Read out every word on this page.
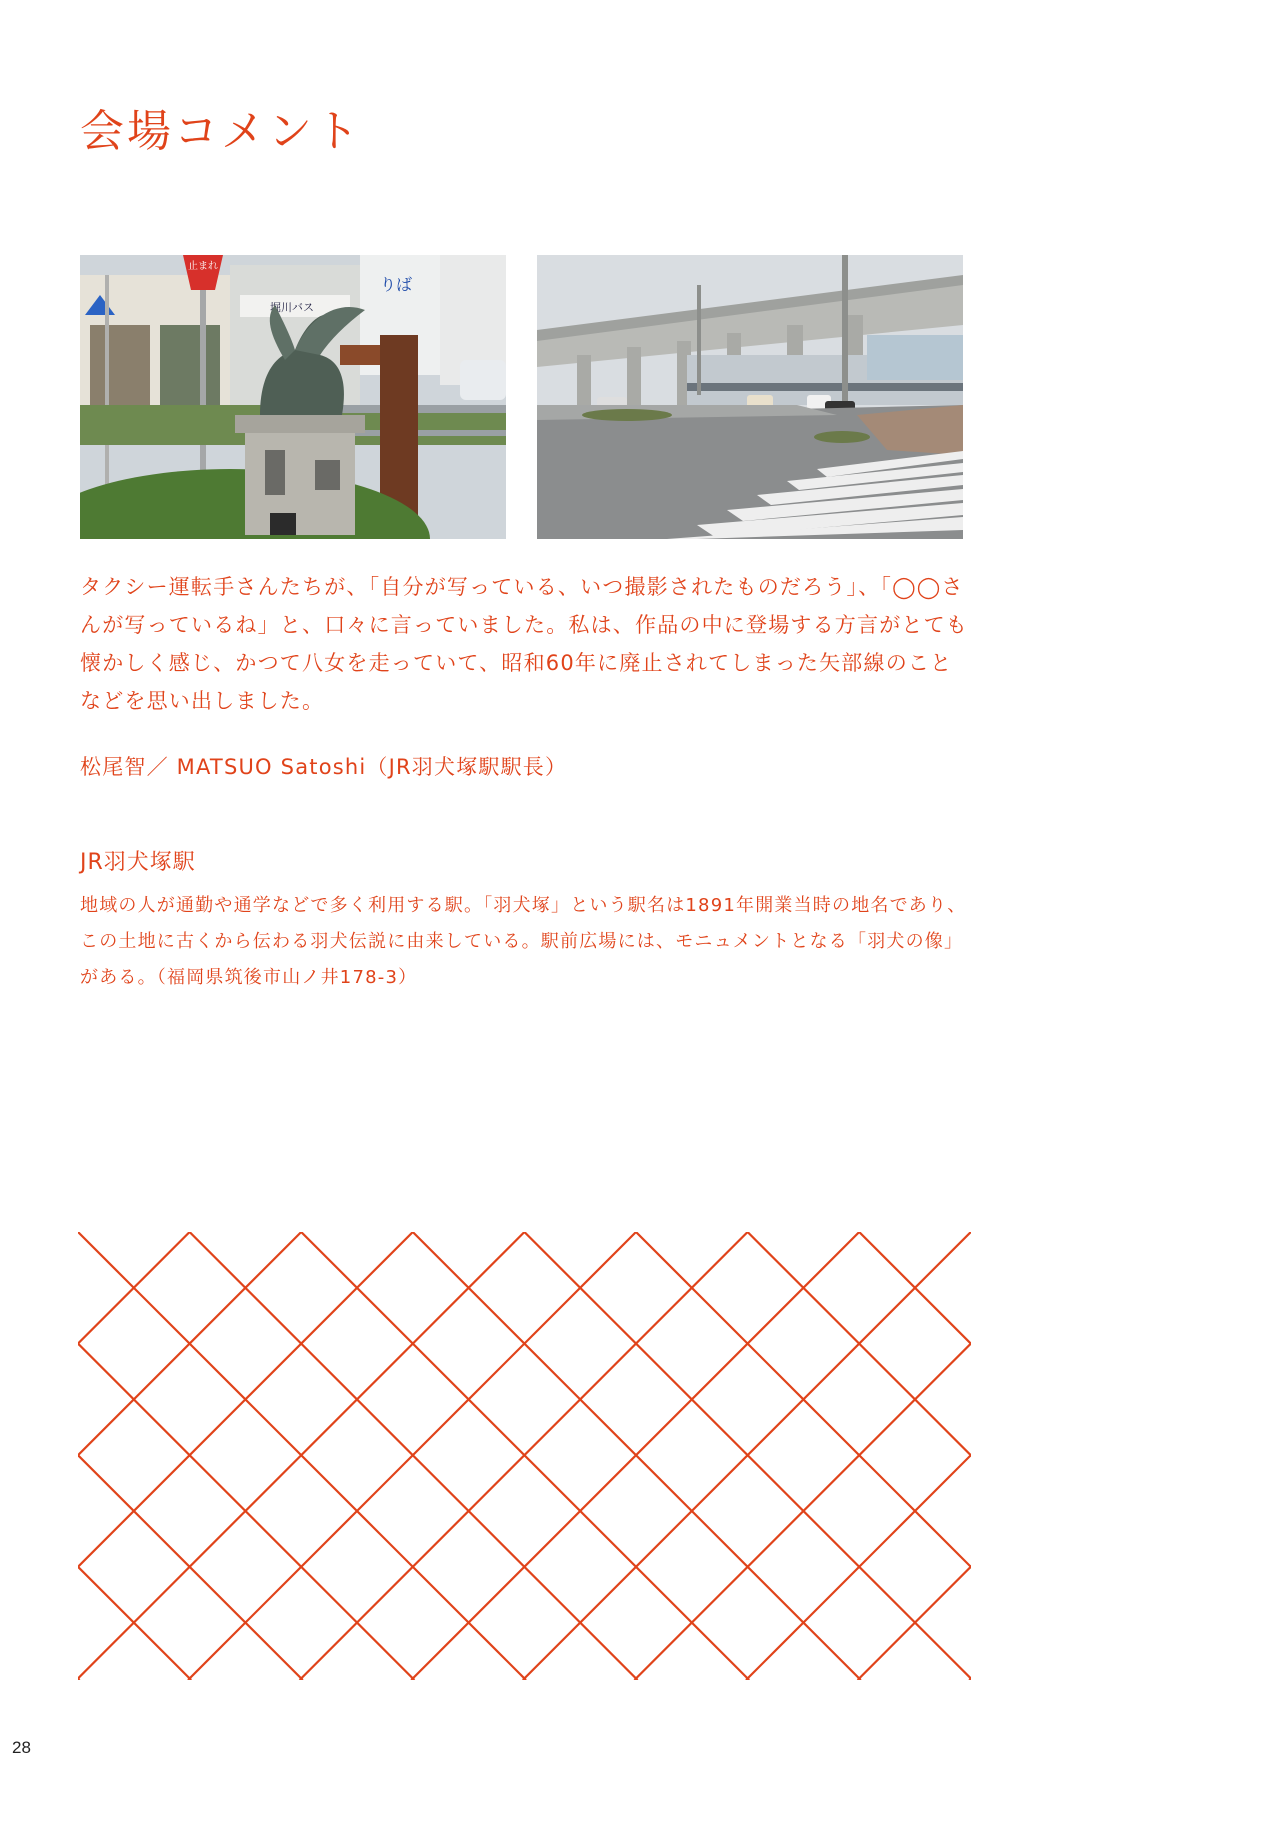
会場コメント
堀川バス
りば
止まれ

タクシー運転手さんたちが、「自分が写っている、いつ撮影されたものだろう」、「◯◯さんが写っているね」と、口々に言っていました。私は、作品の中に登場する方言がとても懐かしく感じ、かつて八女を走っていて、昭和60年に廃止されてしまった矢部線のことなどを思い出しました。

松尾智／ MATSUO Satoshi（JR羽犬塚駅駅長）

JR羽犬塚駅

地域の人が通勤や通学などで多く利用する駅。「羽犬塚」という駅名は1891年開業当時の地名であり、この土地に古くから伝わる羽犬伝説に由来している。駅前広場には、モニュメントとなる「羽犬の像」がある。（福岡県筑後市山ノ井178-3）

28
